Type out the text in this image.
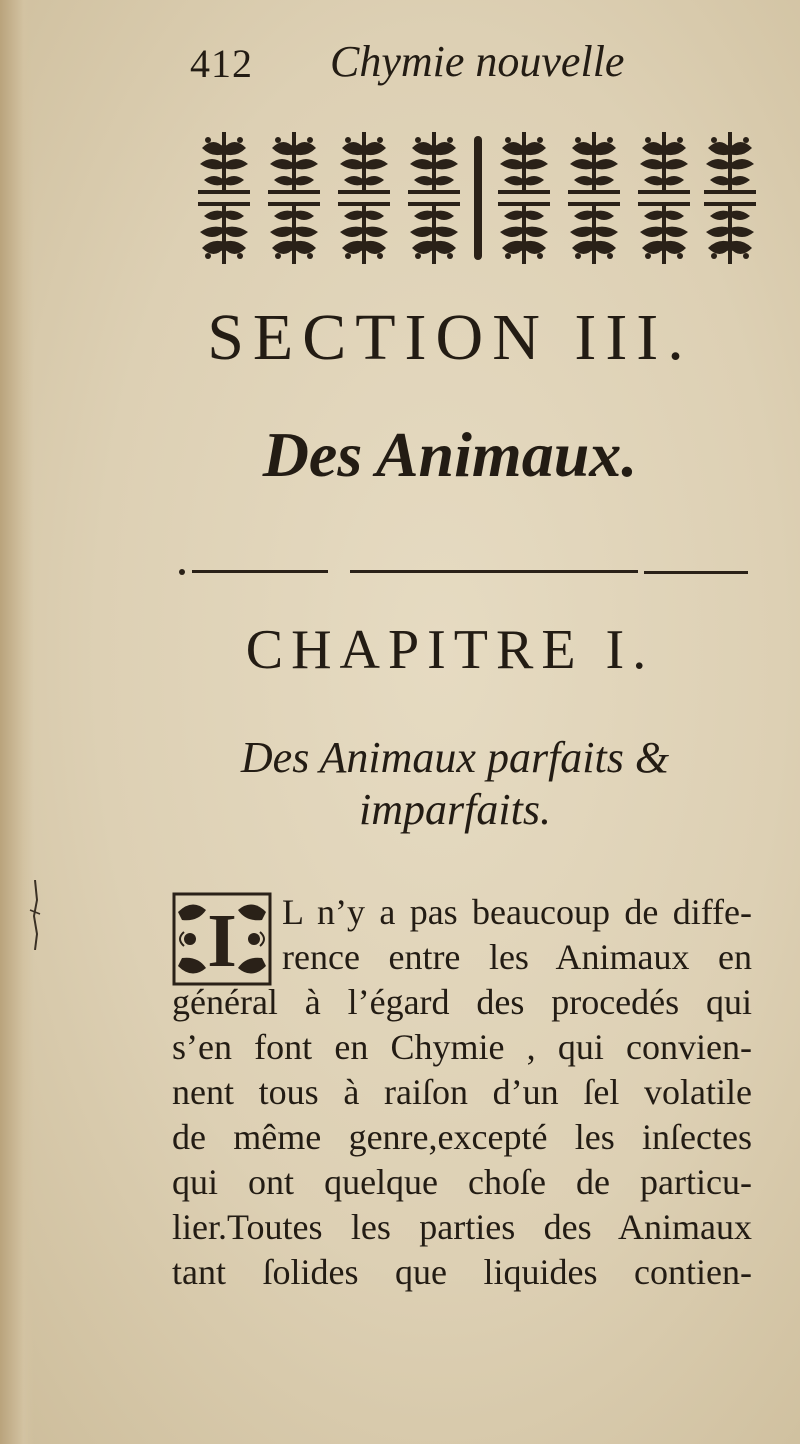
412 Chymie nouvelle
SECTION III.
Des Animaux.
CHAPITRE I.
Des Animaux parfaits &
imparfaits.
I L n’y a pas beaucoup de diffe-
rence entre les Animaux en
général à l’égard des procedés qui
s’en font en Chymie , qui convien-
nent tous à raiſon d’un ſel volatile
de même genre,excepté les inſectes
qui ont quelque choſe de particu-
lier.Toutes les parties des Animaux
tant ſolides que liquides contien-
